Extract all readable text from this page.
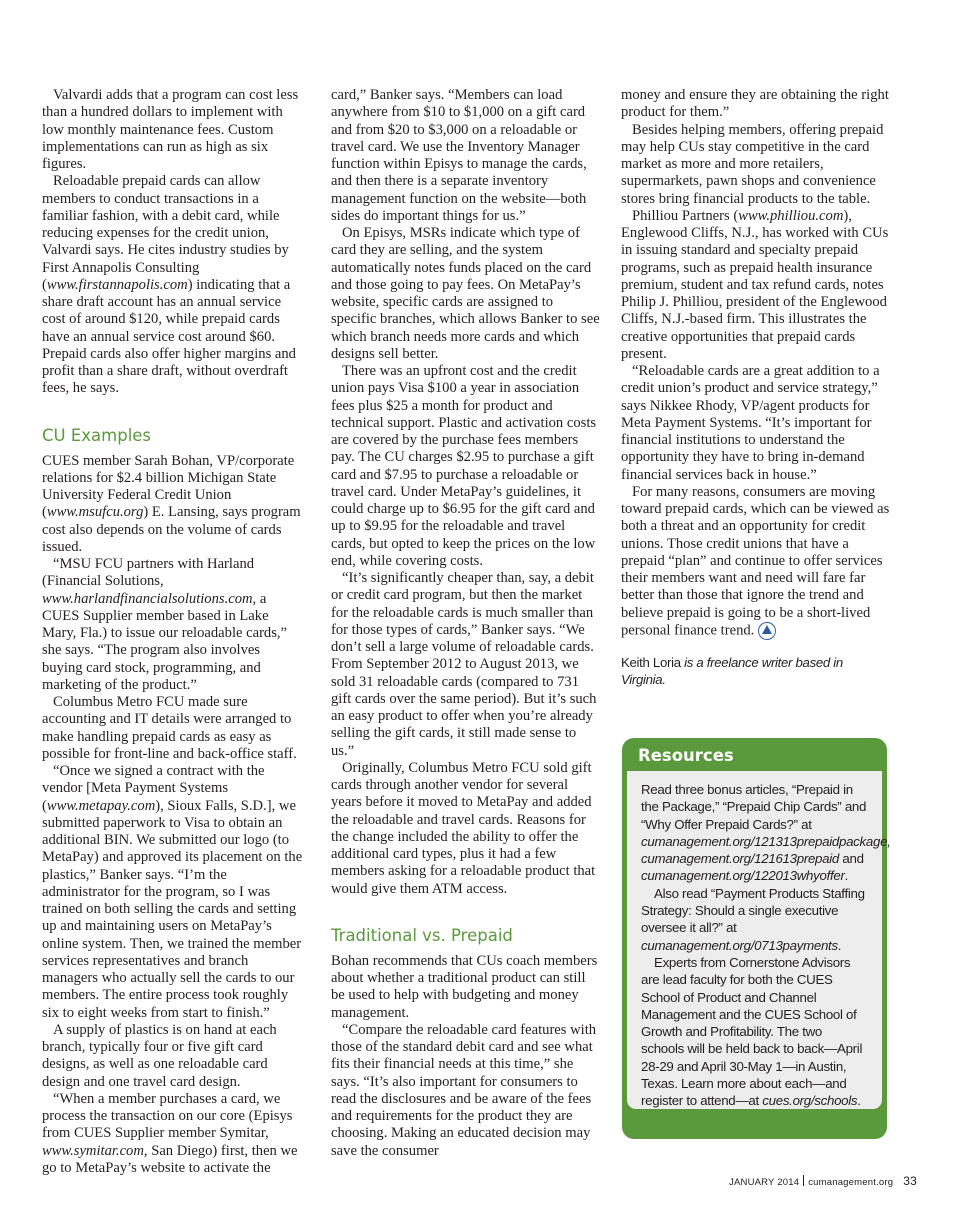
Valvardi adds that a program can cost less than a hundred dollars to implement with low monthly maintenance fees. Custom implementations can run as high as six figures.

Reloadable prepaid cards can allow members to conduct transactions in a familiar fashion, with a debit card, while reducing expenses for the credit union, Valvardi says. He cites industry studies by First Annapolis Consulting (www.firstannapolis.com) indicating that a share draft account has an annual service cost of around $120, while prepaid cards have an annual service cost around $60. Prepaid cards also offer higher margins and profit than a share draft, without overdraft fees, he says.

CU Examples

CUES member Sarah Bohan, VP/corporate relations for $2.4 billion Michigan State University Federal Credit Union (www.msufcu.org) E. Lansing, says program cost also depends on the volume of cards issued.

“MSU FCU partners with Harland (Financial Solutions, www.harlandfinancialsolutions.com, a CUES Supplier member based in Lake Mary, Fla.) to issue our reloadable cards,” she says. “The program also involves buying card stock, programming, and marketing of the product.”

Columbus Metro FCU made sure accounting and IT details were arranged to make handling prepaid cards as easy as possible for front-line and back-office staff.

“Once we signed a contract with the vendor [Meta Payment Systems (www.metapay.com), Sioux Falls, S.D.], we submitted paperwork to Visa to obtain an additional BIN. We submitted our logo (to MetaPay) and approved its placement on the plastics,” Banker says. “I’m the administrator for the program, so I was trained on both selling the cards and setting up and maintaining users on MetaPay’s online system. Then, we trained the member services representatives and branch managers who actually sell the cards to our members. The entire process took roughly six to eight weeks from start to finish.”

A supply of plastics is on hand at each branch, typically four or five gift card designs, as well as one reloadable card design and one travel card design.

“When a member purchases a card, we process the transaction on our core (Episys from CUES Supplier member Symitar, www.symitar.com, San Diego) first, then we go to MetaPay’s website to activate the

card,” Banker says. “Members can load anywhere from $10 to $1,000 on a gift card and from $20 to $3,000 on a reloadable or travel card. We use the Inventory Manager function within Episys to manage the cards, and then there is a separate inventory management function on the website—both sides do important things for us.”

On Episys, MSRs indicate which type of card they are selling, and the system automatically notes funds placed on the card and those going to pay fees. On MetaPay’s website, specific cards are assigned to specific branches, which allows Banker to see which branch needs more cards and which designs sell better.

There was an upfront cost and the credit union pays Visa $100 a year in association fees plus $25 a month for product and technical support. Plastic and activation costs are covered by the purchase fees members pay. The CU charges $2.95 to purchase a gift card and $7.95 to purchase a reloadable or travel card. Under MetaPay’s guidelines, it could charge up to $6.95 for the gift card and up to $9.95 for the reloadable and travel cards, but opted to keep the prices on the low end, while covering costs.

“It’s significantly cheaper than, say, a debit or credit card program, but then the market for the reloadable cards is much smaller than for those types of cards,” Banker says. “We don’t sell a large volume of reloadable cards. From September 2012 to August 2013, we sold 31 reloadable cards (compared to 731 gift cards over the same period). But it’s such an easy product to offer when you’re already selling the gift cards, it still made sense to us.”

Originally, Columbus Metro FCU sold gift cards through another vendor for several years before it moved to MetaPay and added the reloadable and travel cards. Reasons for the change included the ability to offer the additional card types, plus it had a few members asking for a reloadable product that would give them ATM access.

Traditional vs. Prepaid

Bohan recommends that CUs coach members about whether a traditional product can still be used to help with budgeting and money management.

“Compare the reloadable card features with those of the standard debit card and see what fits their financial needs at this time,” she says. “It’s also important for consumers to read the disclosures and be aware of the fees and requirements for the product they are choosing. Making an educated decision may save the consumer

money and ensure they are obtaining the right product for them.”

Besides helping members, offering prepaid may help CUs stay competitive in the card market as more and more retailers, supermarkets, pawn shops and convenience stores bring financial products to the table.

Philliou Partners (www.philliou.com), Englewood Cliffs, N.J., has worked with CUs in issuing standard and specialty prepaid programs, such as prepaid health insurance premium, student and tax refund cards, notes Philip J. Philliou, president of the Englewood Cliffs, N.J.-based firm. This illustrates the creative opportunities that prepaid cards present.

“Reloadable cards are a great addition to a credit union’s product and service strategy,” says Nikkee Rhody, VP/agent products for Meta Payment Systems. “It’s important for financial institutions to understand the opportunity they have to bring in-demand financial services back in house.”

For many reasons, consumers are moving toward prepaid cards, which can be viewed as both a threat and an opportunity for credit unions. Those credit unions that have a prepaid “plan” and continue to offer services their members want and need will fare far better than those that ignore the trend and believe prepaid is going to be a short-lived personal finance trend.

Keith Loria is a freelance writer based in Virginia.
Resources

Read three bonus articles, “Prepaid in the Package,” “Prepaid Chip Cards” and “Why Offer Prepaid Cards?” at cumanagement.org/121313prepaidpackage, cumanagement.org/121613prepaid and cumanagement.org/122013whyoffer.

Also read “Payment Products Staffing Strategy: Should a single executive oversee it all?” at cumanagement.org/0713payments.

Experts from Cornerstone Advisors are lead faculty for both the CUES School of Product and Channel Management and the CUES School of Growth and Profitability. The two schools will be held back to back—April 28-29 and April 30-May 1—in Austin, Texas. Learn more about each—and register to attend—at cues.org/schools.

JANUARY 2014 cumanagement.org 33
